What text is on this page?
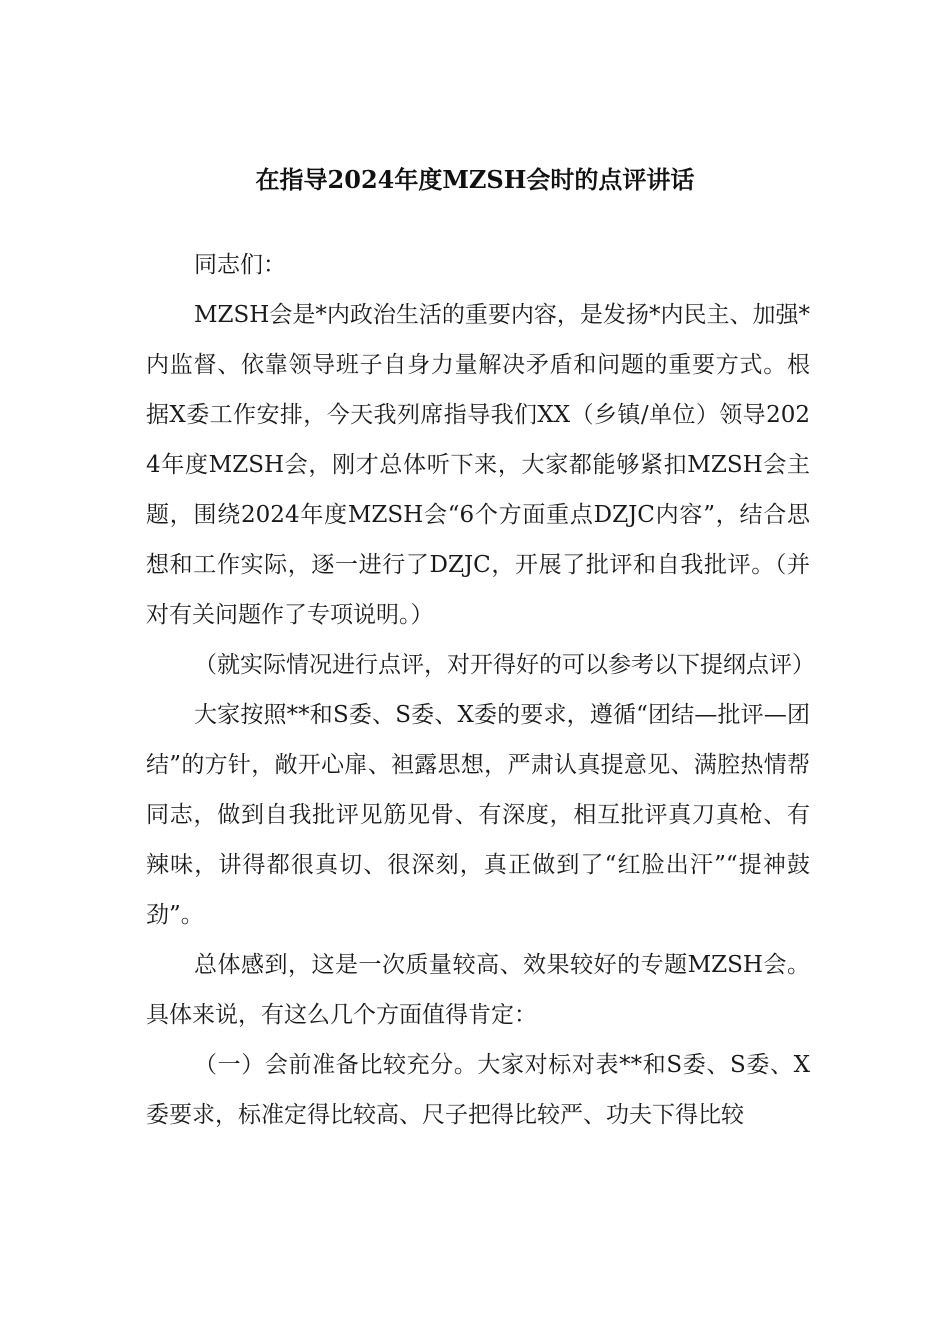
在指导2024年度MZSH会时的点评讲话

同志们：

MZSH会是*内政治生活的重要内容，是发扬*内民主、加强*内监督、依靠领导班子自身力量解决矛盾和问题的重要方式。根据X委工作安排，今天我列席指导我们XX（乡镇/单位）领导2024年度MZSH会，刚才总体听下来，大家都能够紧扣MZSH会主题，围绕2024年度MZSH会“6个方面重点DZJC内容”，结合思想和工作实际，逐一进行了DZJC，开展了批评和自我批评。（并对有关问题作了专项说明。）

（就实际情况进行点评，对开得好的可以参考以下提纲点评）

大家按照**和S委、S委、X委的要求，遵循“团结—批评—团结”的方针，敞开心扉、袒露思想，严肃认真提意见、满腔热情帮同志，做到自我批评见筋见骨、有深度，相互批评真刀真枪、有辣味，讲得都很真切、很深刻，真正做到了“红脸出汗”“提神鼓劲”。

总体感到，这是一次质量较高、效果较好的专题MZSH会。具体来说，有这么几个方面值得肯定：

（一）会前准备比较充分。大家对标对表**和S委、S委、X委要求，标准定得比较高、尺子把得比较严、功夫下得比较
